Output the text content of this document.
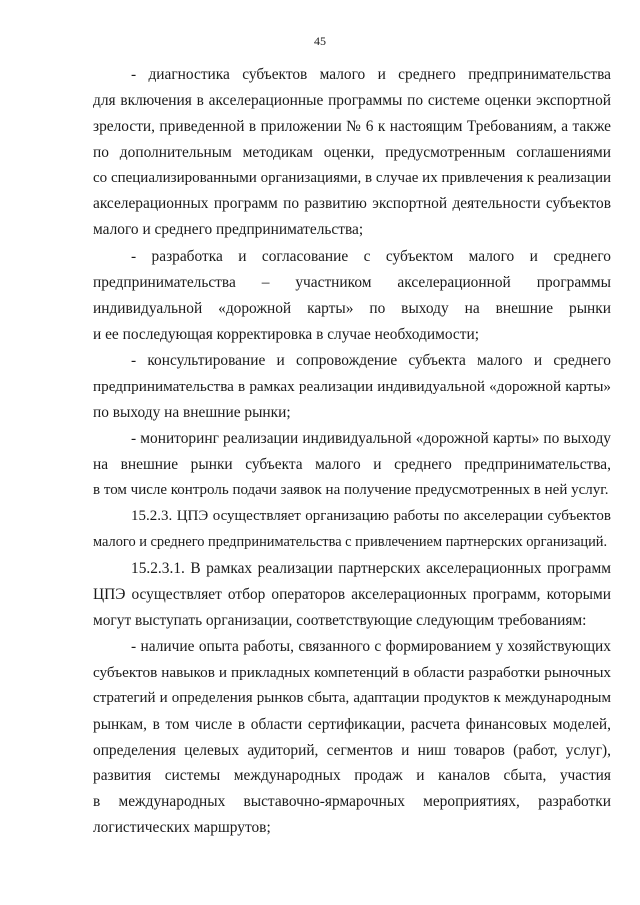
45
- диагностика субъектов малого и среднего предпринимательства
для включения в акселерационные программы по системе оценки экспортной
зрелости, приведенной в приложении № 6 к настоящим Требованиям, а также
по дополнительным методикам оценки, предусмотренным соглашениями
со специализированными организациями, в случае их привлечения к реализации
акселерационных программ по развитию экспортной деятельности субъектов
малого и среднего предпринимательства;
- разработка и согласование с субъектом малого и среднего
предпринимательства – участником акселерационной программы
индивидуальной «дорожной карты» по выходу на внешние рынки
и ее последующая корректировка в случае необходимости;
- консультирование и сопровождение субъекта малого и среднего
предпринимательства в рамках реализации индивидуальной «дорожной карты»
по выходу на внешние рынки;
- мониторинг реализации индивидуальной «дорожной карты» по выходу
на внешние рынки субъекта малого и среднего предпринимательства,
в том числе контроль подачи заявок на получение предусмотренных в ней услуг.
15.2.3. ЦПЭ осуществляет организацию работы по акселерации субъектов
малого и среднего предпринимательства с привлечением партнерских организаций.
15.2.3.1. В рамках реализации партнерских акселерационных программ
ЦПЭ осуществляет отбор операторов акселерационных программ, которыми
могут выступать организации, соответствующие следующим требованиям:
- наличие опыта работы, связанного с формированием у хозяйствующих
субъектов навыков и прикладных компетенций в области разработки рыночных
стратегий и определения рынков сбыта, адаптации продуктов к международным
рынкам, в том числе в области сертификации, расчета финансовых моделей,
определения целевых аудиторий, сегментов и ниш товаров (работ, услуг),
развития системы международных продаж и каналов сбыта, участия
в международных выставочно-ярмарочных мероприятиях, разработки
логистических маршрутов;
